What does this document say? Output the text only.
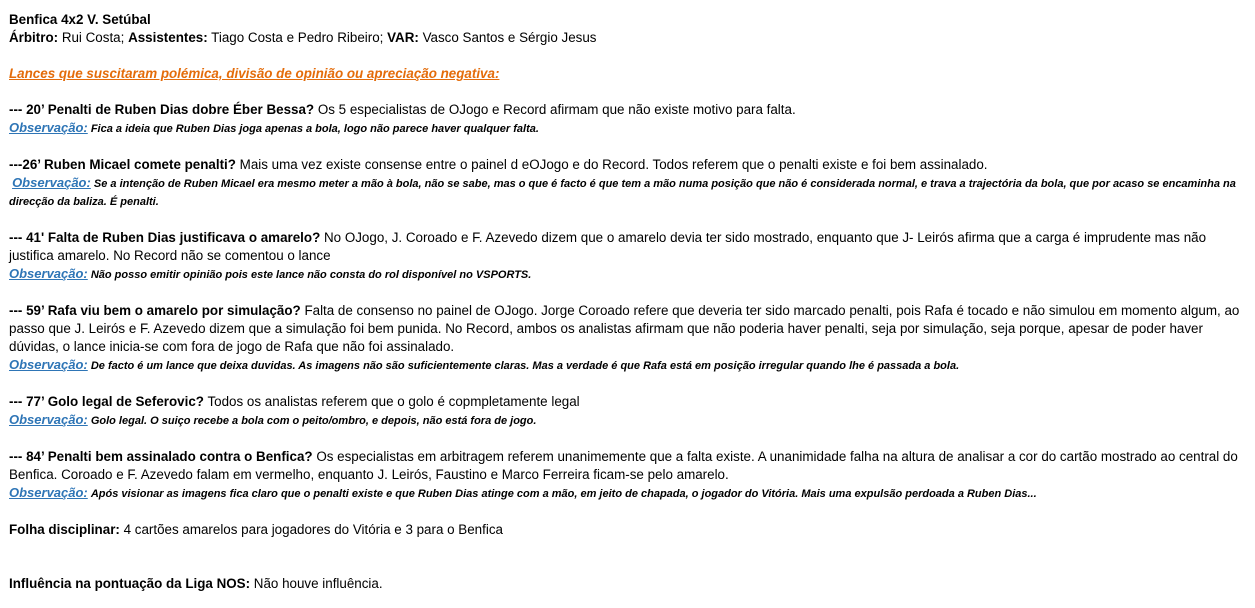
Benfica 4x2 V. Setúbal
Árbitro: Rui Costa; Assistentes: Tiago Costa e Pedro Ribeiro; VAR: Vasco Santos e Sérgio Jesus
Lances que suscitaram polémica, divisão de opinião ou apreciação negativa:
--- 20’ Penalti de Ruben Dias dobre Éber Bessa? Os 5 especialistas de OJogo e Record afirmam que não existe motivo para falta.
Observação: Fica a ideia que Ruben Dias joga apenas a bola, logo não parece haver qualquer falta.
---26’ Ruben Micael comete penalti? Mais uma vez existe consense entre o painel d eOJogo e do Record. Todos referem que o penalti existe e foi bem assinalado.
Observação: Se a intenção de Ruben Micael era mesmo meter a mão à bola, não se sabe, mas o que é facto é que tem a mão numa posição que não é considerada normal, e trava a trajectória da bola, que por acaso se encaminha na direcção da baliza. É penalti.
--- 41' Falta de Ruben Dias justificava o amarelo? No OJogo, J. Coroado e F. Azevedo dizem que o amarelo devia ter sido mostrado, enquanto que J- Leirós afirma que a carga é imprudente mas não justifica amarelo. No Record não se comentou o lance
Observação: Não posso emitir opinião pois este lance não consta do rol disponível no VSPORTS.
--- 59’ Rafa viu bem o amarelo por simulação? Falta de consenso no painel de OJogo. Jorge Coroado refere que deveria ter sido marcado penalti, pois Rafa é tocado e não simulou em momento algum, ao passo que J. Leirós e F. Azevedo dizem que a simulação foi bem punida. No Record, ambos os analistas afirmam que não poderia haver penalti, seja por simulação, seja porque, apesar de poder haver dúvidas, o lance inicia-se com fora de jogo de Rafa que não foi assinalado.
Observação: De facto é um lance que deixa duvidas. As imagens não são suficientemente claras. Mas a verdade é que Rafa está em posição irregular quando lhe é passada a bola.
--- 77’ Golo legal de Seferovic? Todos os analistas referem que o golo é copmpletamente legal
Observação: Golo legal. O suiço recebe a bola com o peito/ombro, e depois, não está fora de jogo.
--- 84’ Penalti bem assinalado contra o Benfica? Os especialistas em arbitragem referem unanimemente que a falta existe. A unanimidade falha na altura de analisar a cor do cartão mostrado ao central do Benfica. Coroado e F. Azevedo falam em vermelho, enquanto J. Leirós, Faustino e Marco Ferreira ficam-se pelo amarelo.
Observação: Após visionar as imagens fica claro que o penalti existe e que Ruben Dias atinge com a mão, em jeito de chapada, o jogador do Vitória. Mais uma expulsão perdoada a Ruben Dias...
Folha disciplinar: 4 cartões amarelos para jogadores do Vitória e 3 para o Benfica
Influência na pontuação da Liga NOS: Não houve influência.
